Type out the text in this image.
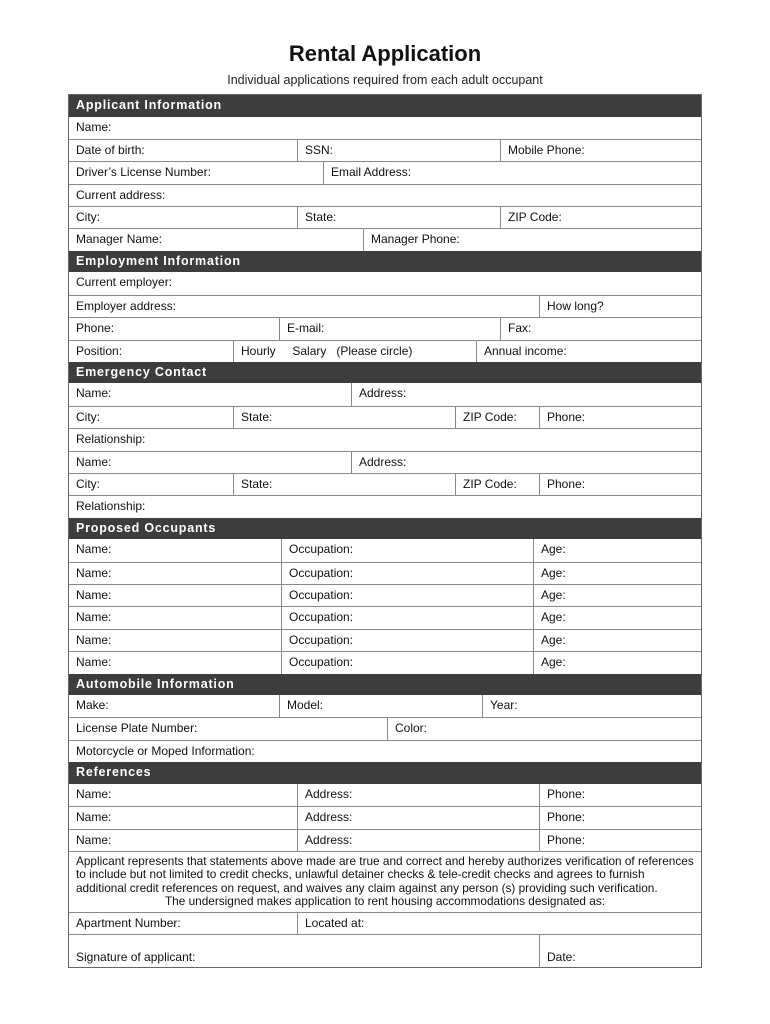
Rental Application
Individual applications required from each adult occupant
Applicant Information
Name:
Date of birth:	SSN:	Mobile Phone:
Driver’s License Number:	Email Address:
Current address:
City:	State:	ZIP Code:
Manager Name:	Manager Phone:
Employment Information
Current employer:
Employer address:	How long?
Phone:	E-mail:	Fax:
Position:	Hourly     Salary   (Please circle)	Annual income:
Emergency Contact
Name:	Address:
City:	State:	ZIP Code:	Phone:
Relationship:
Name:	Address:
City:	State:	ZIP Code:	Phone:
Relationship:
Proposed Occupants
Name:	Occupation:	Age:
Name:	Occupation:	Age:
Name:	Occupation:	Age:
Name:	Occupation:	Age:
Name:	Occupation:	Age:
Name:	Occupation:	Age:
Automobile Information
Make:	Model:	Year:
License Plate Number:	Color:
Motorcycle or Moped Information:
References
Name:	Address:	Phone:
Name:	Address:	Phone:
Name:	Address:	Phone:
Applicant represents that statements above made are true and correct and hereby authorizes verification of references to include but not limited to credit checks, unlawful detainer checks & tele-credit checks and agrees to furnish additional credit references on request, and waives any claim against any person (s) providing such verification.
The undersigned makes application to rent housing accommodations designated as:
Apartment Number:	Located at:
Signature of applicant:	Date:
